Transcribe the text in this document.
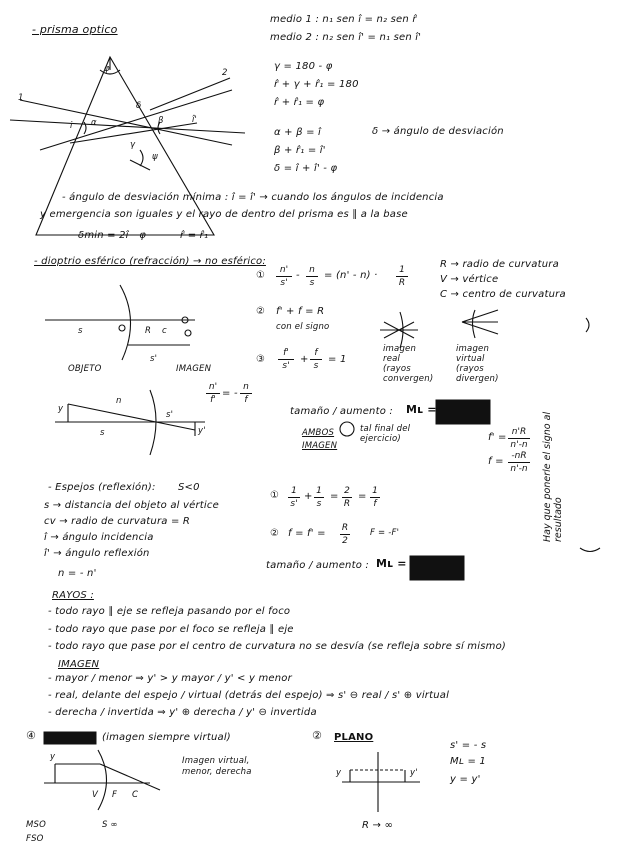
- prisma optico
medio 1 : n₁ sen î = n₂ sen r̂
medio 2 : n₂ sen î' = n₁ sen î'
γ = 180 - φ
r̂ + γ + r̂₁ = 180
r̂ + r̂₁ = φ
α + β = î
β + r̂₁ = î'
δ = î + î' - φ
δ → ángulo de desviación
φ
δ
γ
ψ
i α	β	î'
1
2
- ángulo de desviación mínima : î = î' → cuando los ángulos de incidencia
y emergencia son iguales y el rayo de dentro del prisma es ∥ a la base
δmin = 2î - φ	r̂ = r̂₁
- dioptrio esférico (refracción) → no esférico:	R → radio de curvatura
V → vértice
C → centro de curvatura
① $\frac{n'}{s'} - \frac{n}{s} = (n' - n) \cdot \frac{1}{R}$
② f' + f = R
con el signo
③ $\frac{f'}{s'} + \frac{f}{s} = 1$
imagen
real
(rayos
convergen)
imagen
virtual
(rayos
divergen)
s	R c
s'
OBJETO	IMAGEN
$\frac{n'}{f'}$ = - $\frac{n}{f}$
y
n
s
s'
y'
tamaño / aumento : Mʟ =
AMBOS
IMAGEN
tal final del
ejercicio)	$f' = \frac{n'R}{n'-n}$
$f = \frac{-nR}{n'-n}$ Hay que ponerle el signo al resultado
- Espejos (reflexión): S<0
s → distancia del objeto al vértice
cv → radio de curvatura = R
î → ángulo incidencia
î' → ángulo reflexión
n = - n'
① $\frac{1}{s'} + \frac{1}{s} = \frac{2}{R} = \frac{1}{f}$
② $f = f' = \frac{R}{2}$ F = -F'
tamaño / aumento : Mʟ =
RAYOS :
- todo rayo ∥ eje se refleja pasando por el foco
- todo rayo que pase por el foco se refleja ∥ eje
- todo rayo que pase por el centro de curvatura no se desvía (se refleja sobre sí mismo)
IMAGEN
- mayor / menor ⇒ y' > y mayor / y' < y menor
- real, delante del espejo / virtual (detrás del espejo) ⇒ s' ⊖ real / s' ⊕ virtual
- derecha / invertida ⇒ y' ⊕ derecha / y' ⊖ invertida
④	(imagen siempre virtual)
Imagen virtual,
menor, derecha
y
V F C
MSO
FSO
S ∞
② PLANO
s' = - s
Mʟ = 1
y = y'
y	y'
R → ∞
